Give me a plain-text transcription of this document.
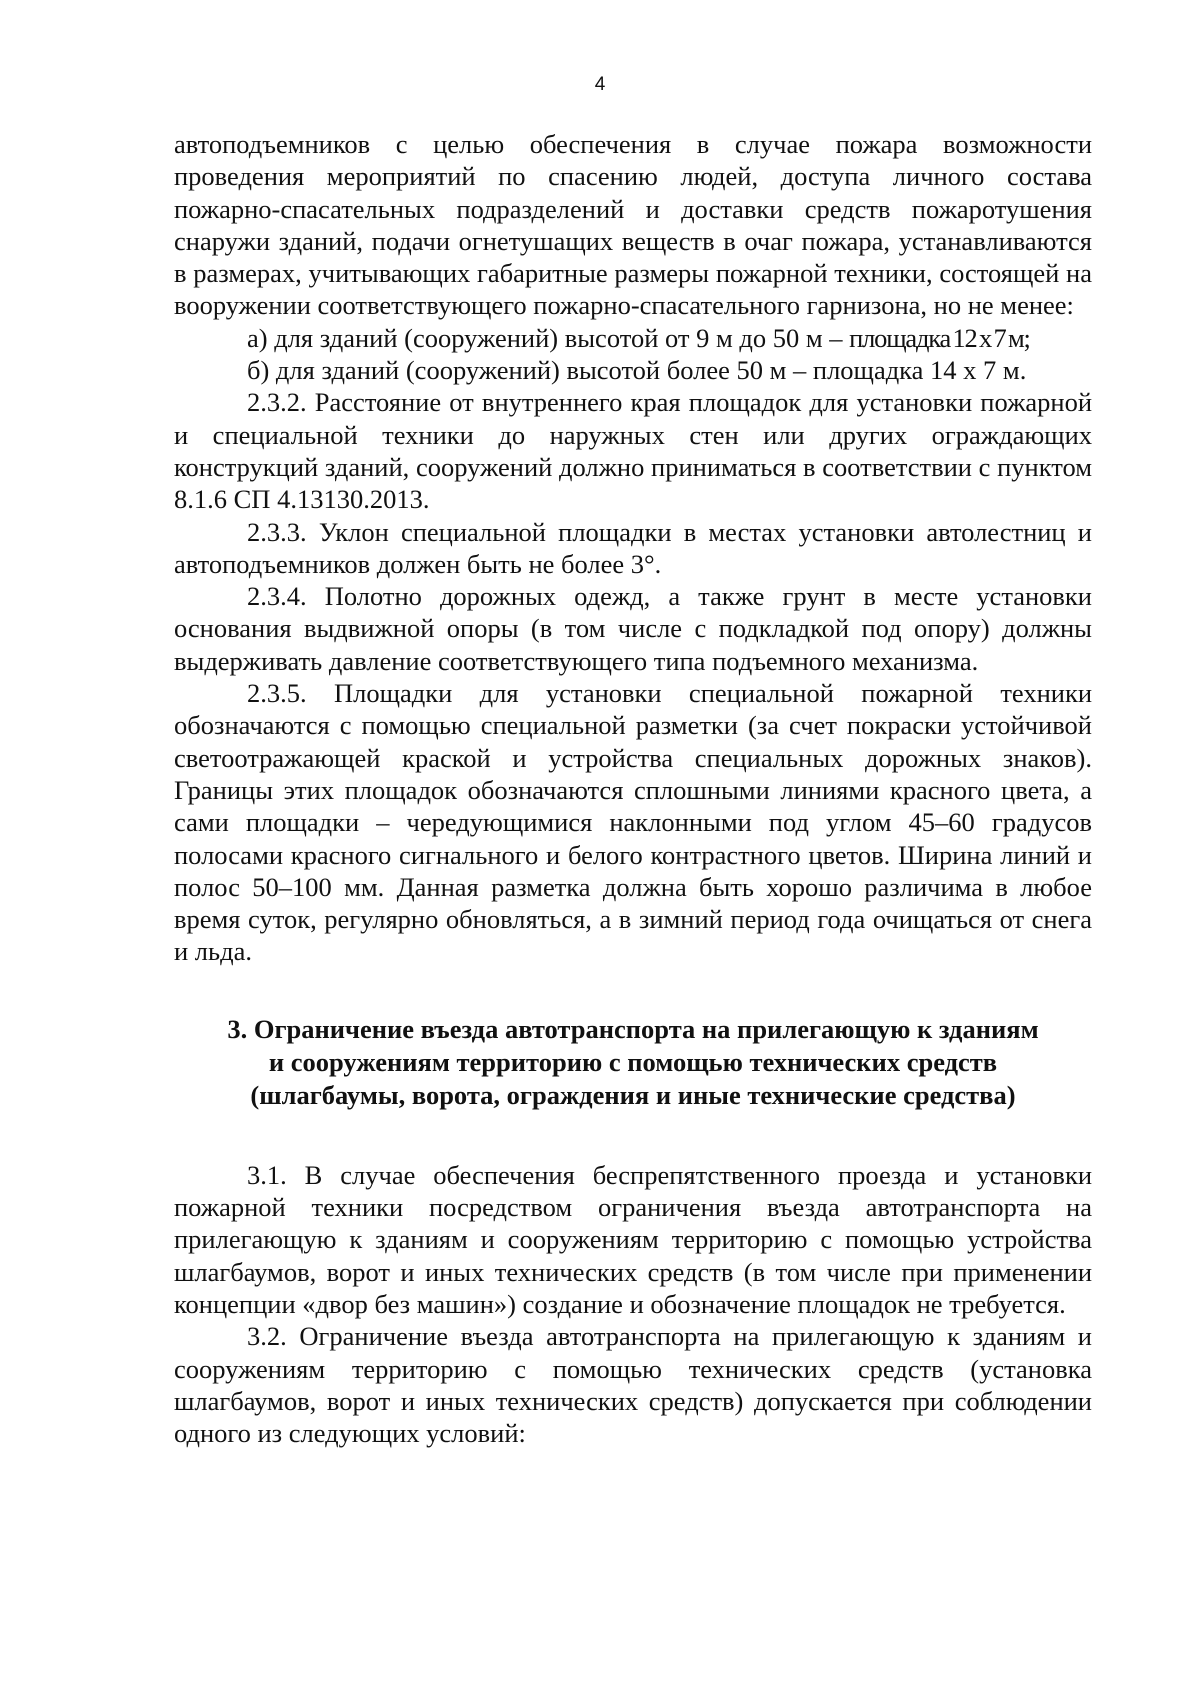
4

автоподъемников с целью обеспечения в случае пожара возможности проведения мероприятий по спасению людей, доступа личного состава пожарно-спасательных подразделений и доставки средств пожаротушения снаружи зданий, подачи огнетушащих веществ в очаг пожара, устанавливаются в размерах, учитывающих габаритные размеры пожарной техники, состоящей на вооружении соответствующего пожарно-спасательного гарнизона, но не менее:

а) для зданий (сооружений) высотой от 9 м до 50 м – площадка 12 х 7 м;

б) для зданий (сооружений) высотой более 50 м – площадка 14 х 7 м.

2.3.2. Расстояние от внутреннего края площадок для установки пожарной и специальной техники до наружных стен или других ограждающих конструкций зданий, сооружений должно приниматься в соответствии с пунктом 8.1.6 СП 4.13130.2013.

2.3.3. Уклон специальной площадки в местах установки автолестниц и автоподъемников должен быть не более 3°.

2.3.4. Полотно дорожных одежд, а также грунт в месте установки основания выдвижной опоры (в том числе с подкладкой под опору) должны выдерживать давление соответствующего типа подъемного механизма.

2.3.5. Площадки для установки специальной пожарной техники обозначаются с помощью специальной разметки (за счет покраски устойчивой светоотражающей краской и устройства специальных дорожных знаков). Границы этих площадок обозначаются сплошными линиями красного цвета, а сами площадки – чередующимися наклонными под углом 45–60 градусов полосами красного сигнального и белого контрастного цветов. Ширина линий и полос 50–100 мм. Данная разметка должна быть хорошо различима в любое время суток, регулярно обновляться, а в зимний период года очищаться от снега и льда.

3. Ограничение въезда автотранспорта на прилегающую к зданиям
и сооружениям территорию с помощью технических средств
(шлагбаумы, ворота, ограждения и иные технические средства)

3.1. В случае обеспечения беспрепятственного проезда и установки пожарной техники посредством ограничения въезда автотранспорта на прилегающую к зданиям и сооружениям территорию с помощью устройства шлагбаумов, ворот и иных технических средств (в том числе при применении концепции «двор без машин») создание и обозначение площадок не требуется.

3.2. Ограничение въезда автотранспорта на прилегающую к зданиям и сооружениям территорию с помощью технических средств (установка шлагбаумов, ворот и иных технических средств) допускается при соблюдении одного из следующих условий:
